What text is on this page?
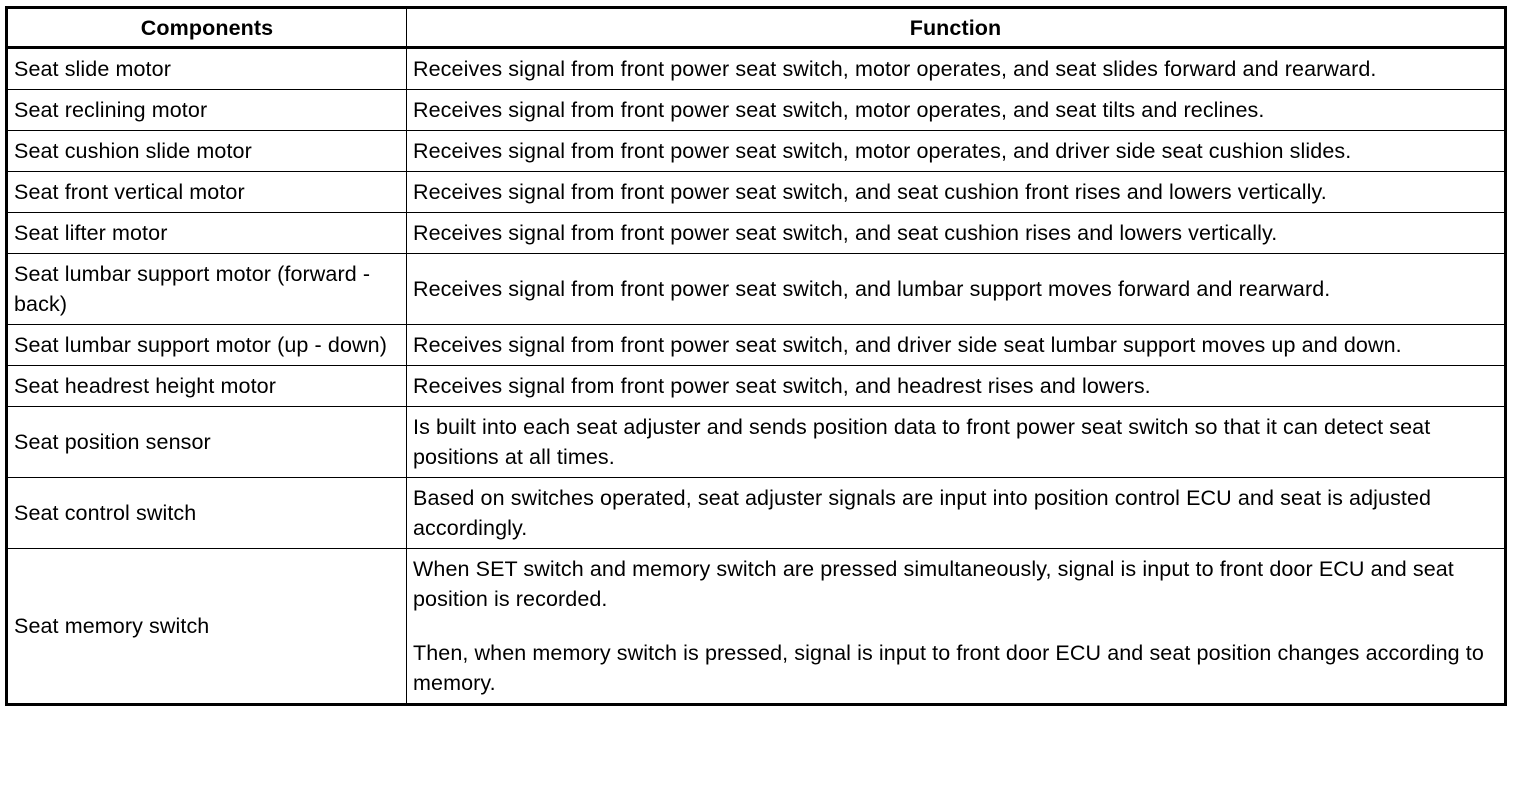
Components	Function
Seat slide motor	Receives signal from front power seat switch, motor operates, and seat slides forward and rearward.

Seat reclining motor	Receives signal from front power seat switch, motor operates, and seat tilts and reclines.

Seat cushion slide motor	Receives signal from front power seat switch, motor operates, and driver side seat cushion slides.

Seat front vertical motor	Receives signal from front power seat switch, and seat cushion front rises and lowers vertically.

Seat lifter motor	Receives signal from front power seat switch, and seat cushion rises and lowers vertically.

Seat lumbar support motor (forward - back)	Receives signal from front power seat switch, and lumbar support moves forward and rearward.

Seat lumbar support motor (up - down)	Receives signal from front power seat switch, and driver side seat lumbar support moves up and down.

Seat headrest height motor	Receives signal from front power seat switch, and headrest rises and lowers.

Seat position sensor	Is built into each seat adjuster and sends position data to front power seat switch so that it can detect seat positions at all times.

Seat control switch	Based on switches operated, seat adjuster signals are input into position control ECU and seat is adjusted accordingly.

Seat memory switch	When SET switch and memory switch are pressed simultaneously, signal is input to front door ECU and seat position is recorded.
Then, when memory switch is pressed, signal is input to front door ECU and seat position changes according to memory.
